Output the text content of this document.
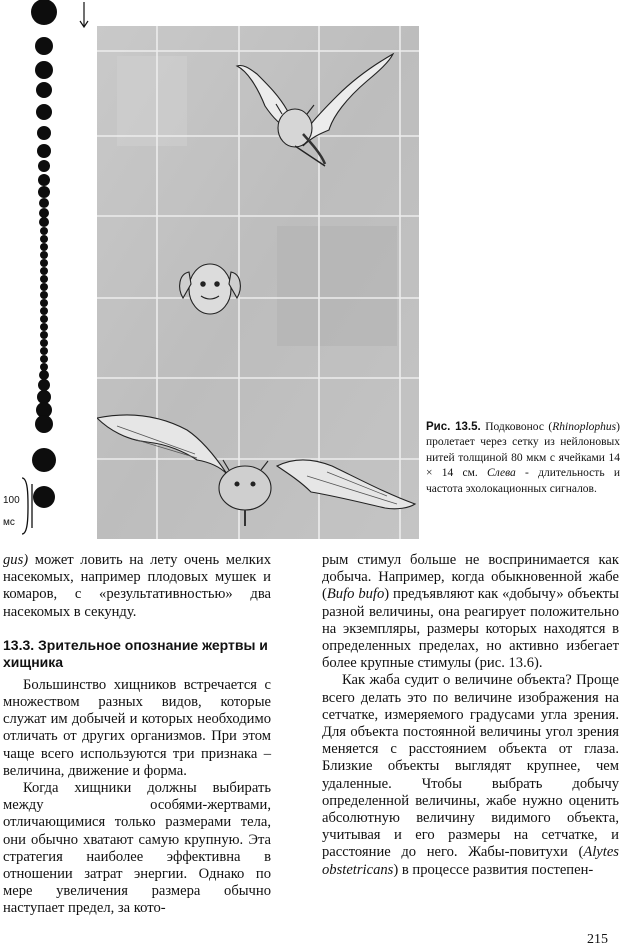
100
мс
Рис. 13.5. Подковонос (Rhinoplophus) пролетает через сетку из нейлоновых нитей толщиной 80 мкм с ячейками 14 × 14 см. Слева - длительность и частота эхолокационных сигналов.

gus) может ловить на лету очень мелких насекомых, например плодовых мушек и комаров, с «результативностью» два насекомых в секунду.

13.3. Зрительное опознание жертвы и хищника

Большинство хищников встречается с множеством разных видов, которые служат им добычей и которых необходимо отличать от других организмов. При этом чаще всего используются три признака – величина, движение и форма.

Когда хищники должны выбирать между особями-жертвами, отличающимися только размерами тела, они обычно хватают самую крупную. Эта стратегия наиболее эффективна в отношении затрат энергии. Однако по мере увеличения размера обычно наступает предел, за кото-

рым стимул больше не воспринимается как добыча. Например, когда обыкновенной жабе (Bufo bufo) предъявляют как «добычу» объекты разной величины, она реагирует положительно на экземпляры, размеры которых находятся в определенных пределах, но активно избегает более крупные стимулы (рис. 13.6).

Как жаба судит о величине объекта? Проще всего делать это по величине изображения на сетчатке, измеряемого градусами угла зрения. Для объекта постоянной величины угол зрения меняется с расстоянием объекта от глаза. Близкие объекты выглядят крупнее, чем удаленные. Чтобы выбрать добычу определенной величины, жабе нужно оценить абсолютную величину видимого объекта, учитывая и его размеры на сетчатке, и расстояние до него. Жабы-повитухи (Alytes obstetricans) в процессе развития постепен-

215
